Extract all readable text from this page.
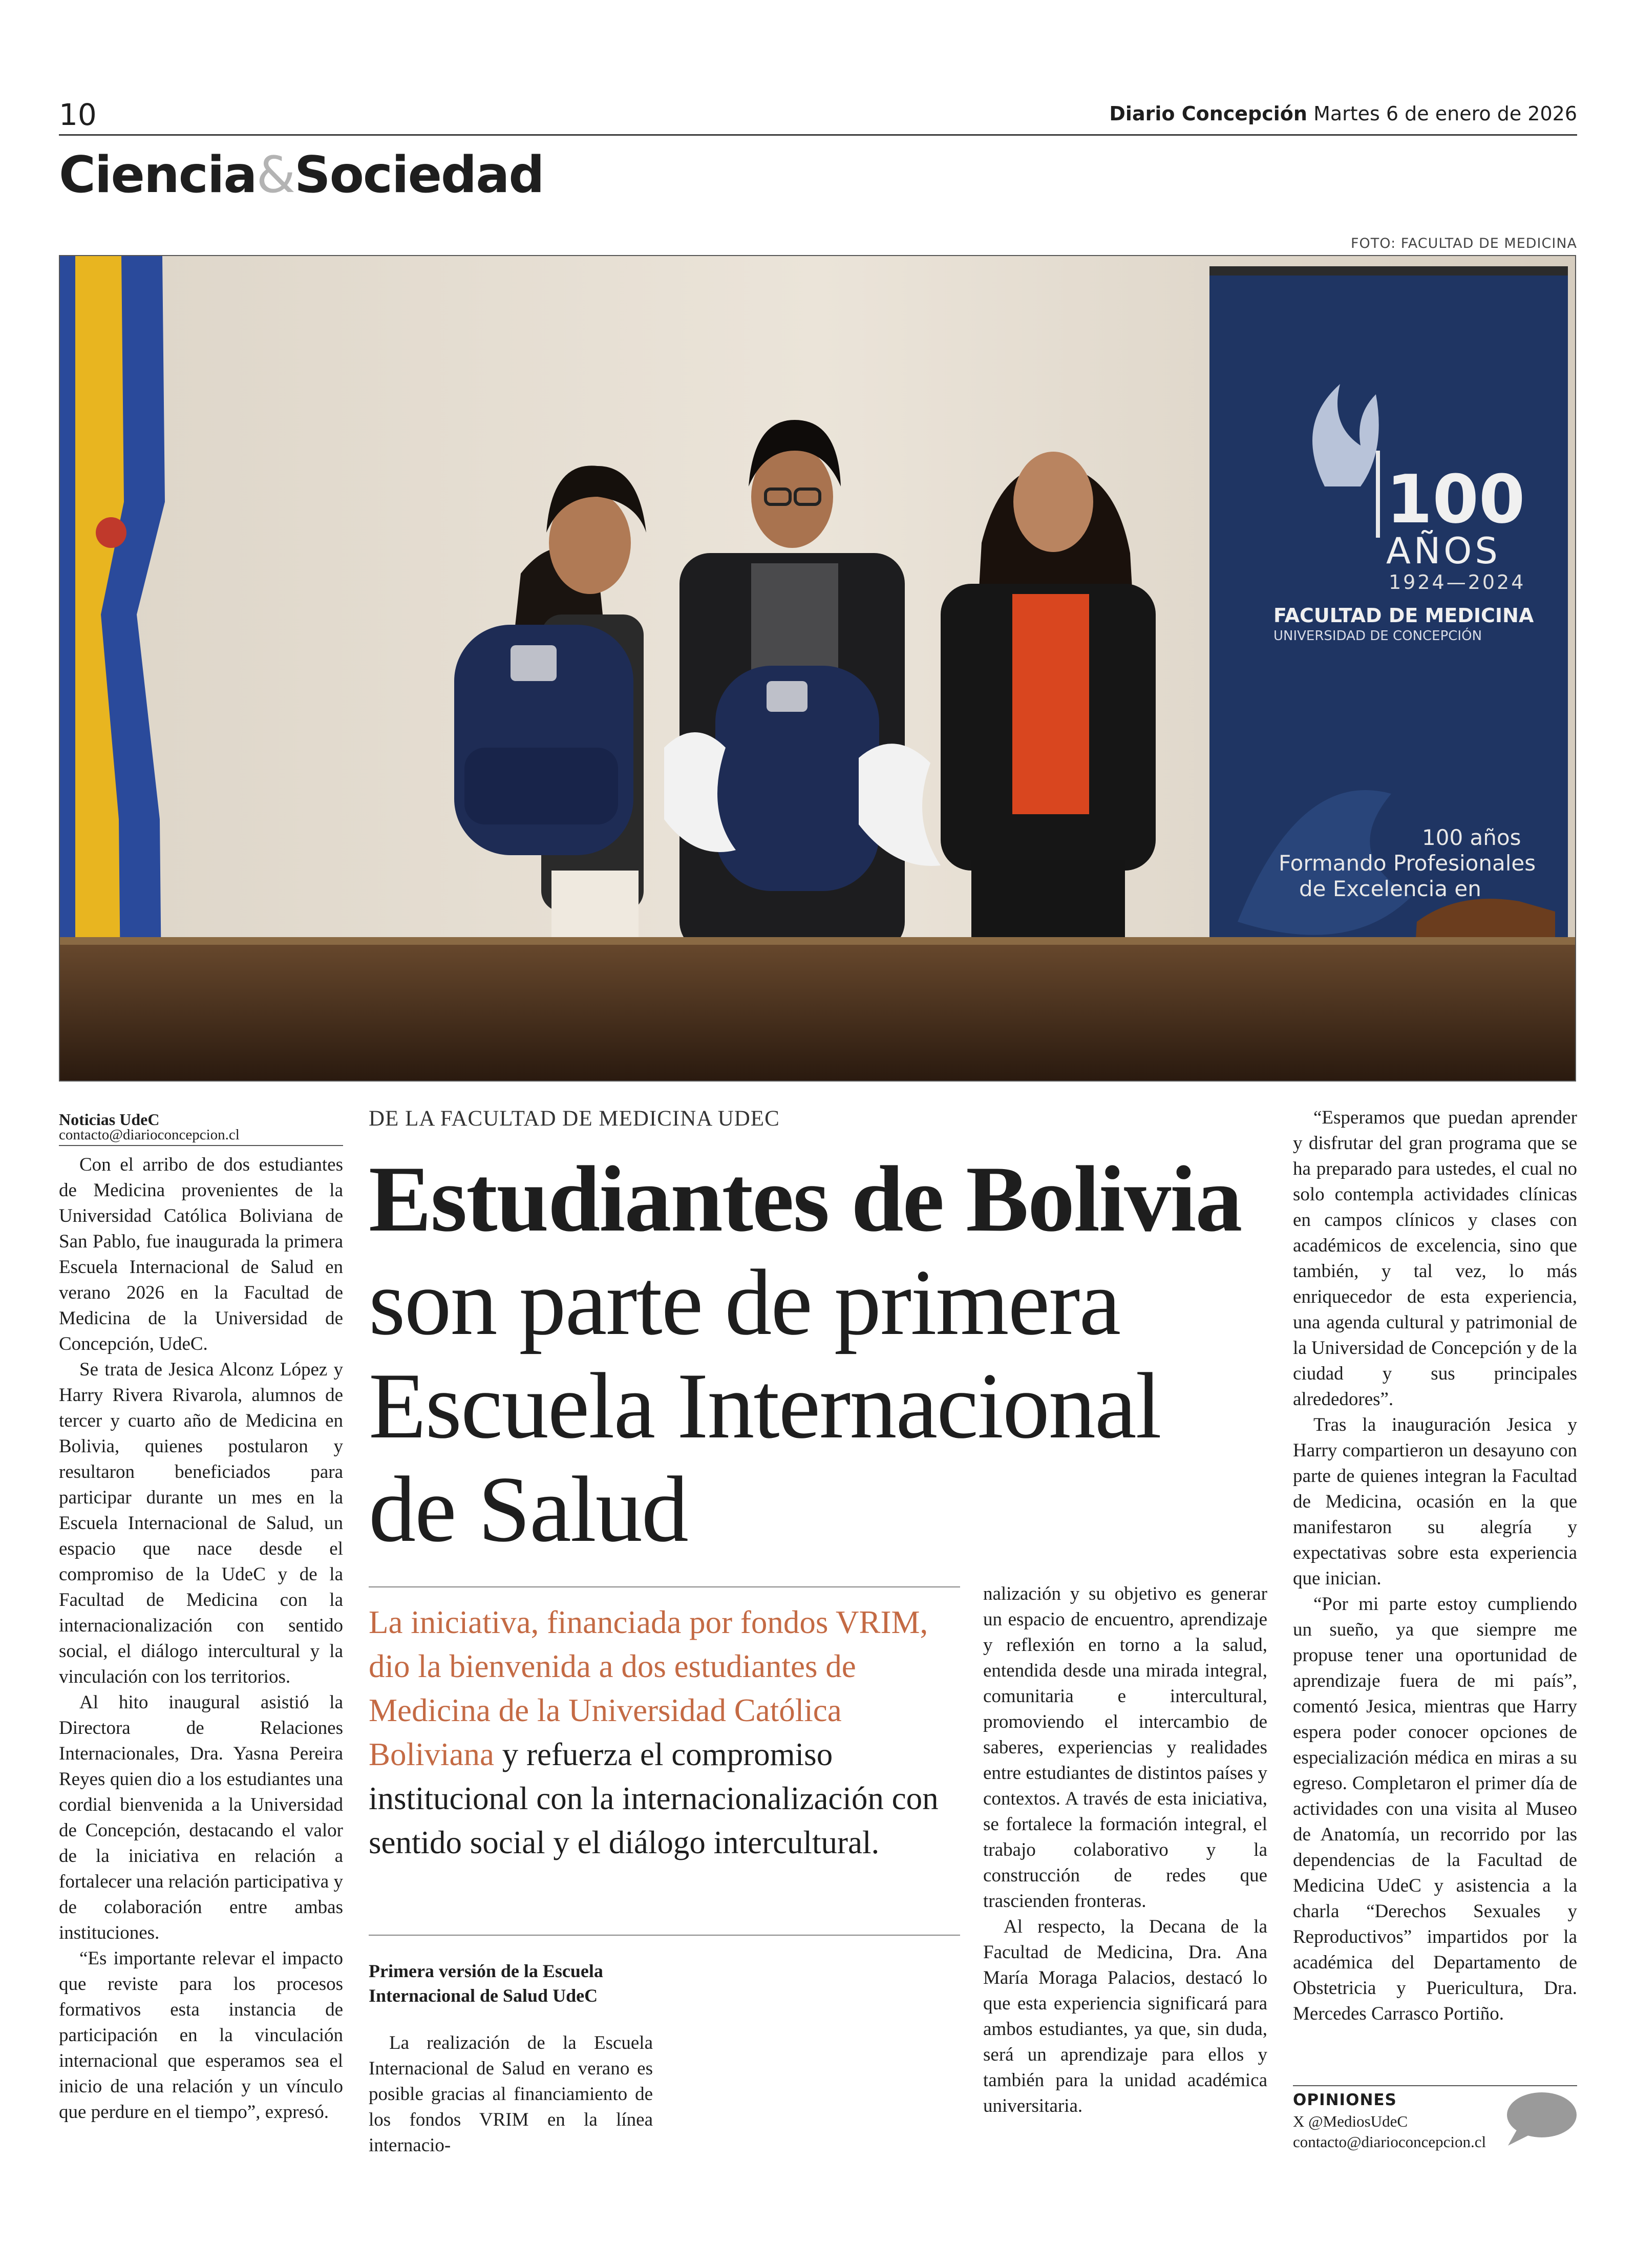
10	Diario Concepción Martes 6 de enero de 2026
Ciencia&Sociedad
FOTO: FACULTAD DE MEDICINA
100
AÑOS
1924—2024
FACULTAD DE MEDICINA
UNIVERSIDAD DE CONCEPCIÓN
100 años
Formando Profesionales
de Excelencia en
Noticias UdeC
contacto@diarioconcepcion.cl

Con el arribo de dos estudiantes de Medicina provenientes de la Universidad Católica Boliviana de San Pablo, fue inaugurada la primera Escuela Internacional de Salud en verano 2026 en la Facultad de Medicina de la Universidad de Concepción, UdeC.

Se trata de Jesica Alconz López y Harry Rivera Rivarola, alumnos de tercer y cuarto año de Medicina en Bolivia, quienes postularon y resultaron beneficiados para participar durante un mes en la Escuela Internacional de Salud, un espacio que nace desde el compromiso de la UdeC y de la Facultad de Medicina con la internacionalización con sentido social, el diálogo intercultural y la vinculación con los territorios.

Al hito inaugural asistió la Directora de Relaciones Internacionales, Dra. Yasna Pereira Reyes quien dio a los estudiantes una cordial bienvenida a la Universidad de Concepción, destacando el valor de la iniciativa en relación a fortalecer una relación participativa y de colaboración entre ambas instituciones.

“Es importante relevar el impacto que reviste para los procesos formativos esta instancia de participación en la vinculación internacional que esperamos sea el inicio de una relación y un vínculo que perdure en el tiempo”, expresó.

DE LA FACULTAD DE MEDICINA UDEC
Estudiantes de Bolivia son parte de primera Escuela Internacional de Salud
La iniciativa, financiada por fondos VRIM, dio la bienvenida a dos estudiantes de Medicina de la Universidad Católica Boliviana y refuerza el compromiso institucional con la internacionalización con sentido social y el diálogo intercultural.
Primera versión de la Escuela Internacional de Salud UdeC

La realización de la Escuela Internacional de Salud en verano es posible gracias al financiamiento de los fondos VRIM en la línea internacio-

nalización y su objetivo es generar un espacio de encuentro, aprendizaje y reflexión en torno a la salud, entendida desde una mirada integral, comunitaria e intercultural, promoviendo el intercambio de saberes, experiencias y realidades entre estudiantes de distintos países y contextos. A través de esta iniciativa, se fortalece la formación integral, el trabajo colaborativo y la construcción de redes que trascienden fronteras.

Al respecto, la Decana de la Facultad de Medicina, Dra. Ana María Moraga Palacios, destacó lo que esta experiencia significará para ambos estudiantes, ya que, sin duda, será un aprendizaje para ellos y también para la unidad académica universitaria.

“Esperamos que puedan aprender y disfrutar del gran programa que se ha preparado para ustedes, el cual no solo contempla actividades clínicas en campos clínicos y clases con académicos de excelencia, sino que también, y tal vez, lo más enriquecedor de esta experiencia, una agenda cultural y patrimonial de la Universidad de Concepción y de la ciudad y sus principales alrededores”.

Tras la inauguración Jesica y Harry compartieron un desayuno con parte de quienes integran la Facultad de Medicina, ocasión en la que manifestaron su alegría y expectativas sobre esta experiencia que inician.

“Por mi parte estoy cumpliendo un sueño, ya que siempre me propuse tener una oportunidad de aprendizaje fuera de mi país”, comentó Jesica, mientras que Harry espera poder conocer opciones de especialización médica en miras a su egreso. Completaron el primer día de actividades con una visita al Museo de Anatomía, un recorrido por las dependencias de la Facultad de Medicina UdeC y asistencia a la charla “Derechos Sexuales y Reproductivos” impartidos por la académica del Departamento de Obstetricia y Puericultura, Dra. Mercedes Carrasco Portiño.

OPINIONES
X @MediosUdeC
contacto@diarioconcepcion.cl
